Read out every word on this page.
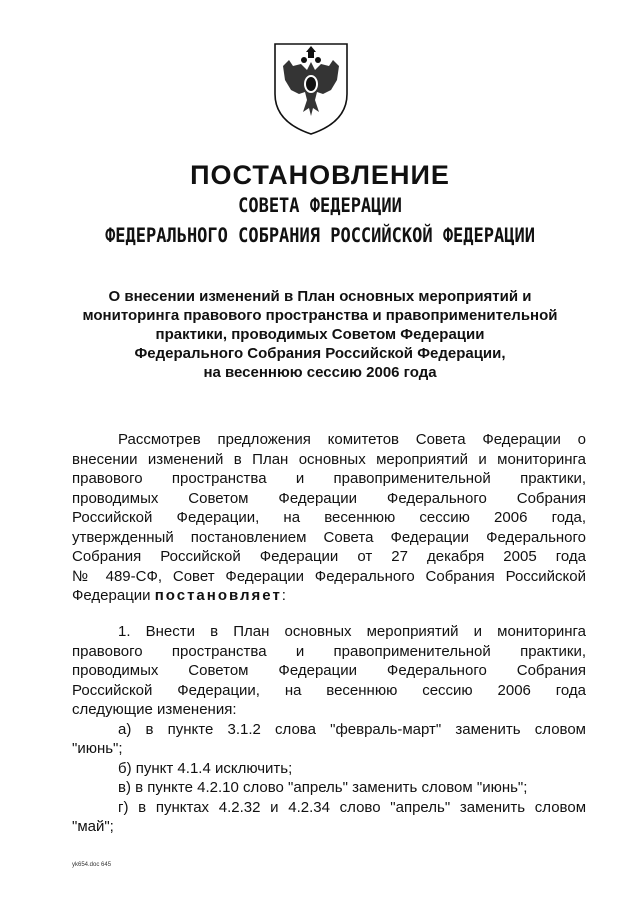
ПОСТАНОВЛЕНИЕ
СОВЕТА ФЕДЕРАЦИИ
ФЕДЕРАЛЬНОГО СОБРАНИЯ РОССИЙСКОЙ ФЕДЕРАЦИИ
О внесении изменений в План основных мероприятий и
мониторинга правового пространства и правоприменительной
практики, проводимых Советом Федерации
Федерального Собрания Российской Федерации,
на весеннюю сессию 2006 года
Рассмотрев предложения комитетов Совета Федерации о
внесении изменений в План основных мероприятий и мониторинга
правового пространства и правоприменительной практики,
проводимых Советом Федерации Федерального Собрания
Российской Федерации, на весеннюю сессию 2006 года,
утвержденный постановлением Совета Федерации Федерального
Собрания Российской Федерации от 27 декабря 2005 года
№ 489-СФ, Совет Федерации Федерального Собрания Российской
Федерации постановляет:
1. Внести в План основных мероприятий и мониторинга
правового пространства и правоприменительной практики,
проводимых Советом Федерации Федерального Собрания
Российской Федерации, на весеннюю сессию 2006 года
следующие изменения:
а) в пункте 3.1.2 слова "февраль-март" заменить словом
"июнь";
б) пункт 4.1.4 исключить;
в) в пункте 4.2.10 слово "апрель" заменить словом "июнь";
г) в пунктах 4.2.32 и 4.2.34 слово "апрель" заменить словом
"май";
yk654.doc 645
